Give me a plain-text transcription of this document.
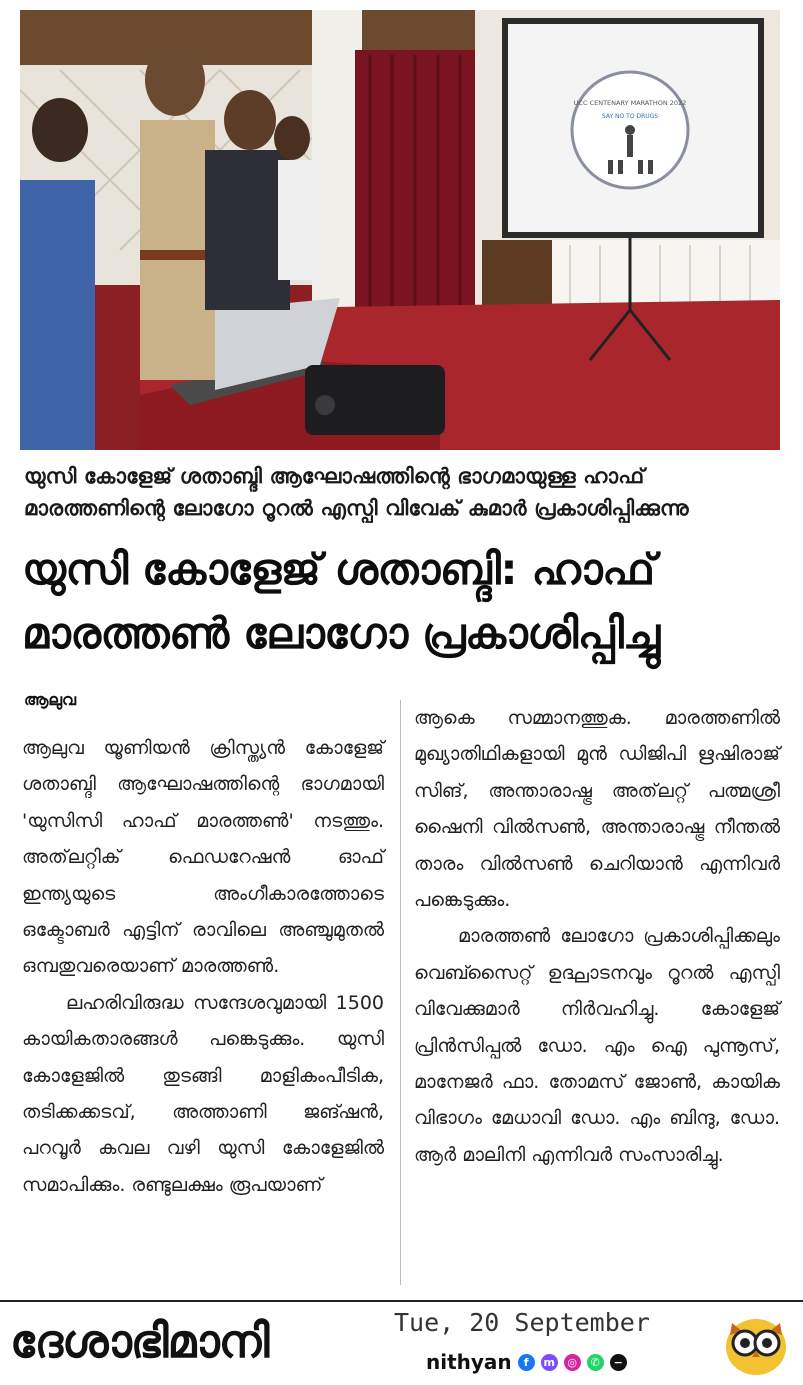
UCC CENTENARY MARATHON 2022
SAY NO TO DRUGS
യുസി കോളേജ് ശതാബ്ദി ആഘോഷത്തിന്റെ ഭാഗമായുള്ള ഹാഫ്
മാരത്തണിന്റെ ലോഗോ റൂറൽ എസ്പി വിവേക് കുമാർ പ്രകാശിപ്പിക്കുന്നു
യുസി കോളേജ് ശതാബ്ദി: ഹാഫ്
മാരത്തൺ ലോഗോ പ്രകാശിപ്പിച്ചു
ആലുവ

ആലുവ യൂണിയൻ ക്രിസ്ത്യൻ കോളേജ് ശതാബ്ദി ആഘോഷത്തിന്റെ ഭാഗമായി 'യുസിസി ഹാഫ് മാരത്തൺ' നടത്തും. അത്‌ലറ്റിക് ഫെഡറേഷൻ ഓഫ് ഇന്ത്യയുടെ അംഗീകാരത്തോടെ ഒക്ടോബർ എട്ടിന് രാവിലെ അഞ്ചുമുതൽ ഒമ്പതുവരെയാണ് മാരത്തൺ.

ലഹരിവിരുദ്ധ സന്ദേശവുമായി 1500 കായികതാരങ്ങൾ പങ്കെടുക്കും. യുസി കോളേജിൽ തുടങ്ങി മാളികംപീടിക, തടിക്കക്കടവ്, അത്താണി ജങ്ഷൻ, പറവൂർ കവല വഴി യുസി കോളേജിൽ സമാപിക്കും. രണ്ടുലക്ഷം രൂപയാണ്

ആകെ സമ്മാനത്തുക. മാരത്തണിൽ മുഖ്യാതിഥികളായി മുൻ ഡിജിപി ഋഷിരാജ് സിങ്, അന്താരാഷ്ട്ര അത്‌ലറ്റ് പത്മശ്രീ ഷൈനി വിൽസൺ, അന്താരാഷ്ട്ര നീന്തൽ താരം വിൽസൺ ചെറിയാൻ എന്നിവർ പങ്കെടുക്കും.

മാരത്തൺ ലോഗോ പ്രകാശിപ്പിക്കലും വെബ്സൈറ്റ് ഉദ്ഘാടനവും റൂറൽ എസ്പി വിവേക്കുമാർ നിർവഹിച്ചു. കോളേജ് പ്രിൻസിപ്പൽ ഡോ. എം ഐ പുന്നൂസ്, മാനേജർ ഫാ. തോമസ് ജോൺ, കായിക വിഭാഗം മേധാവി ഡോ. എം ബിന്ദു, ഡോ. ആർ മാലിനി എന്നിവർ സംസാരിച്ചു.

ദേശാഭിമാനി	Tue, 20 September
nithyan	f	m	◎	✆	−
